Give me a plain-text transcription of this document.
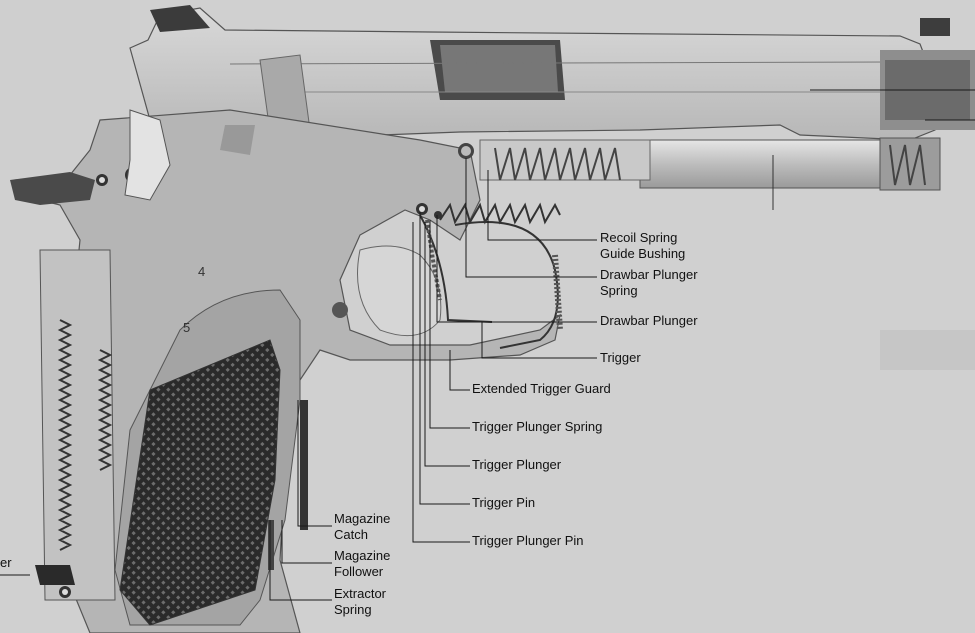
4
5
Recoil Spring
Guide Bushing
Drawbar Plunger
Spring
Drawbar Plunger
Trigger
Extended Trigger Guard
Trigger Plunger Spring
Trigger Plunger
Trigger Pin
Trigger Plunger Pin
Magazine
Catch
Magazine
Follower
Extractor
Spring
er
